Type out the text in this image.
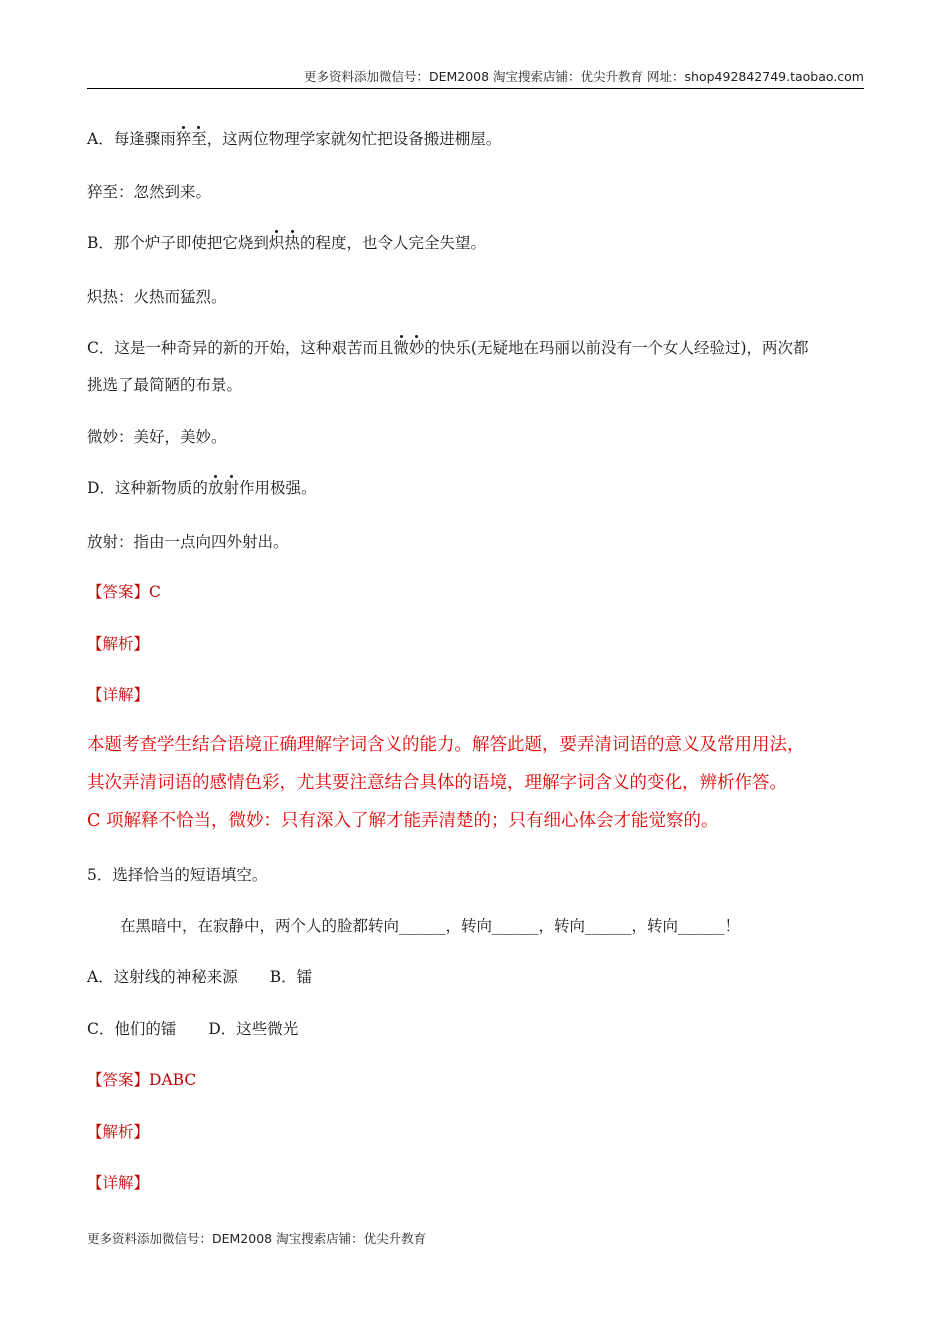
更多资料添加微信号：DEM2008 淘宝搜索店铺：优尖升教育 网址：shop492842749.taobao.com
A．每逢骤雨猝至，这两位物理学家就匆忙把设备搬进棚屋。
猝至：忽然到来。
B．那个炉子即使把它烧到炽热的程度，也令人完全失望。
炽热：火热而猛烈。
C．这是一种奇异的新的开始，这种艰苦而且微妙的快乐(无疑地在玛丽以前没有一个女人经验过)，两次都
挑选了最简陋的布景。
微妙：美好，美妙。
D．这种新物质的放射作用极强。
放射：指由一点向四外射出。
【答案】C
【解析】
【详解】
本题考查学生结合语境正确理解字词含义的能力。解答此题，要弄清词语的意义及常用用法，
其次弄清词语的感情色彩，尤其要注意结合具体的语境，理解字词含义的变化，辨析作答。
C 项解释不恰当，微妙：只有深入了解才能弄清楚的；只有细心体会才能觉察的。
5．选择恰当的短语填空。
在黑暗中，在寂静中，两个人的脸都转向______，转向______，转向______，转向______！
A．这射线的神秘来源 B．镭
C．他们的镭 D．这些微光
【答案】DABC
【解析】
【详解】
更多资料添加微信号：DEM2008 淘宝搜索店铺：优尖升教育
